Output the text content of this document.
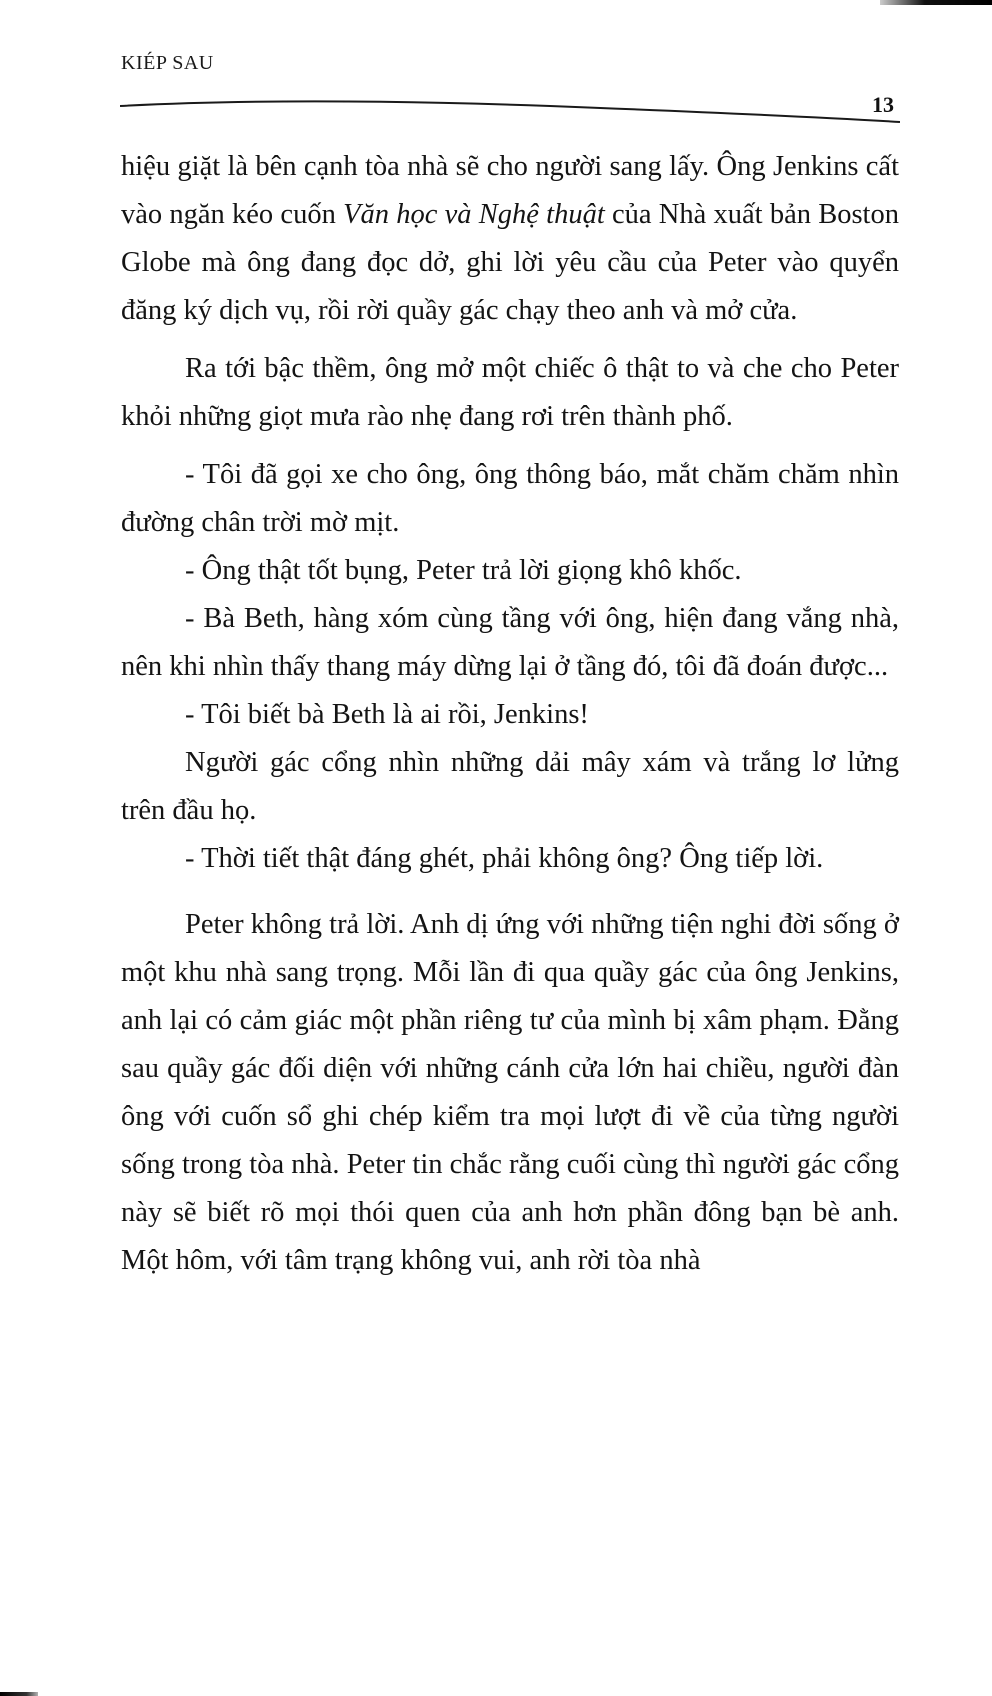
KIÉP SAU
13

hiệu giặt là bên cạnh tòa nhà sẽ cho người sang lấy. Ông Jenkins cất vào ngăn kéo cuốn Văn học và Nghệ thuật của Nhà xuất bản Boston Globe mà ông đang đọc dở, ghi lời yêu cầu của Peter vào quyển đăng ký dịch vụ, rồi rời quầy gác chạy theo anh và mở cửa.

Ra tới bậc thềm, ông mở một chiếc ô thật to và che cho Peter khỏi những giọt mưa rào nhẹ đang rơi trên thành phố.

- Tôi đã gọi xe cho ông, ông thông báo, mắt chăm chăm nhìn đường chân trời mờ mịt.

- Ông thật tốt bụng, Peter trả lời giọng khô khốc.

- Bà Beth, hàng xóm cùng tầng với ông, hiện đang vắng nhà, nên khi nhìn thấy thang máy dừng lại ở tầng đó, tôi đã đoán được...

- Tôi biết bà Beth là ai rồi, Jenkins!

Người gác cổng nhìn những dải mây xám và trắng lơ lửng trên đầu họ.

- Thời tiết thật đáng ghét, phải không ông? Ông tiếp lời.

Peter không trả lời. Anh dị ứng với những tiện nghi đời sống ở một khu nhà sang trọng. Mỗi lần đi qua quầy gác của ông Jenkins, anh lại có cảm giác một phần riêng tư của mình bị xâm phạm. Đằng sau quầy gác đối diện với những cánh cửa lớn hai chiều, người đàn ông với cuốn sổ ghi chép kiểm tra mọi lượt đi về của từng người sống trong tòa nhà. Peter tin chắc rằng cuối cùng thì người gác cổng này sẽ biết rõ mọi thói quen của anh hơn phần đông bạn bè anh. Một hôm, với tâm trạng không vui, anh rời tòa nhà
